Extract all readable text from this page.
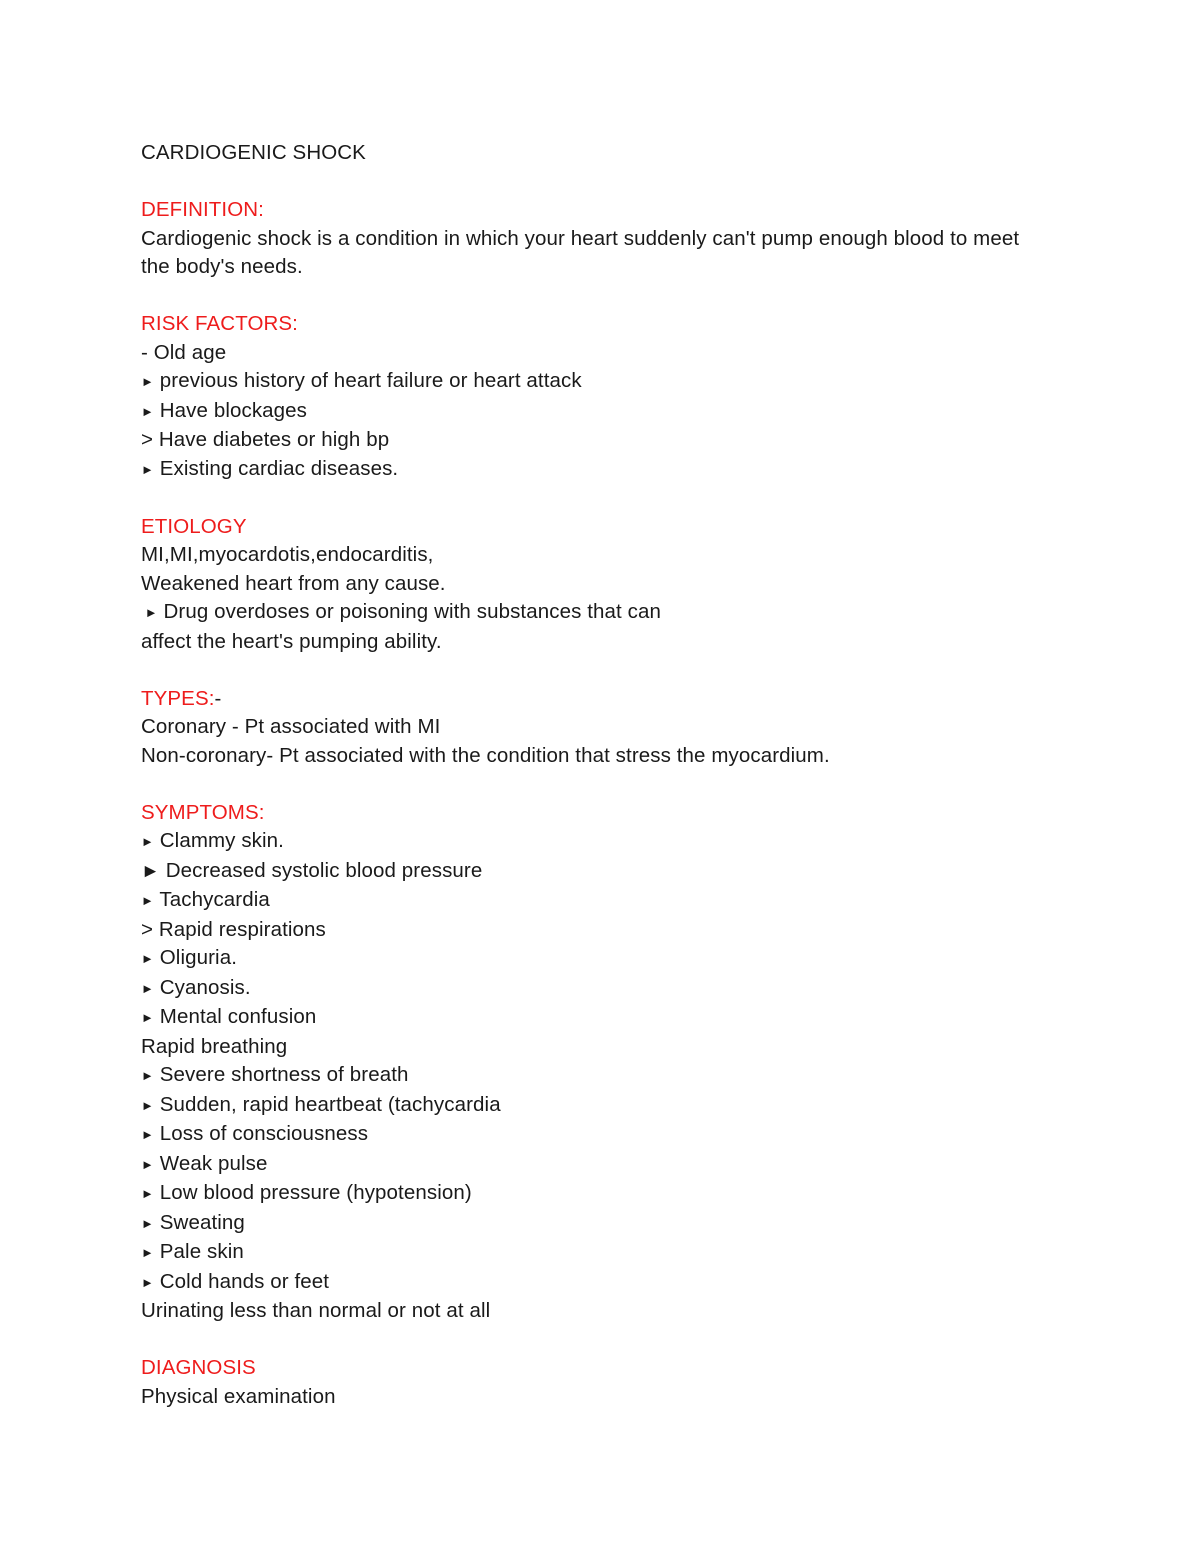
CARDIOGENIC SHOCK
DEFINITION:
Cardiogenic shock is a condition in which your heart suddenly can't pump enough blood to meet
the body's needs.
RISK FACTORS:
- Old age
► previous history of heart failure or heart attack
► Have blockages
> Have diabetes or high bp
► Existing cardiac diseases.
ETIOLOGY
MI,MI,myocardotis,endocarditis,
Weakened heart from any cause.
► Drug overdoses or poisoning with substances that can
affect the heart's pumping ability.
TYPES:-
Coronary - Pt associated with MI
Non-coronary- Pt associated with the condition that stress the myocardium.
SYMPTOMS:
► Clammy skin.
► Decreased systolic blood pressure
► Tachycardia
> Rapid respirations
► Oliguria.
► Cyanosis.
► Mental confusion
Rapid breathing
► Severe shortness of breath
► Sudden, rapid heartbeat (tachycardia
► Loss of consciousness
► Weak pulse
► Low blood pressure (hypotension)
► Sweating
► Pale skin
► Cold hands or feet
Urinating less than normal or not at all
DIAGNOSIS
Physical examination
